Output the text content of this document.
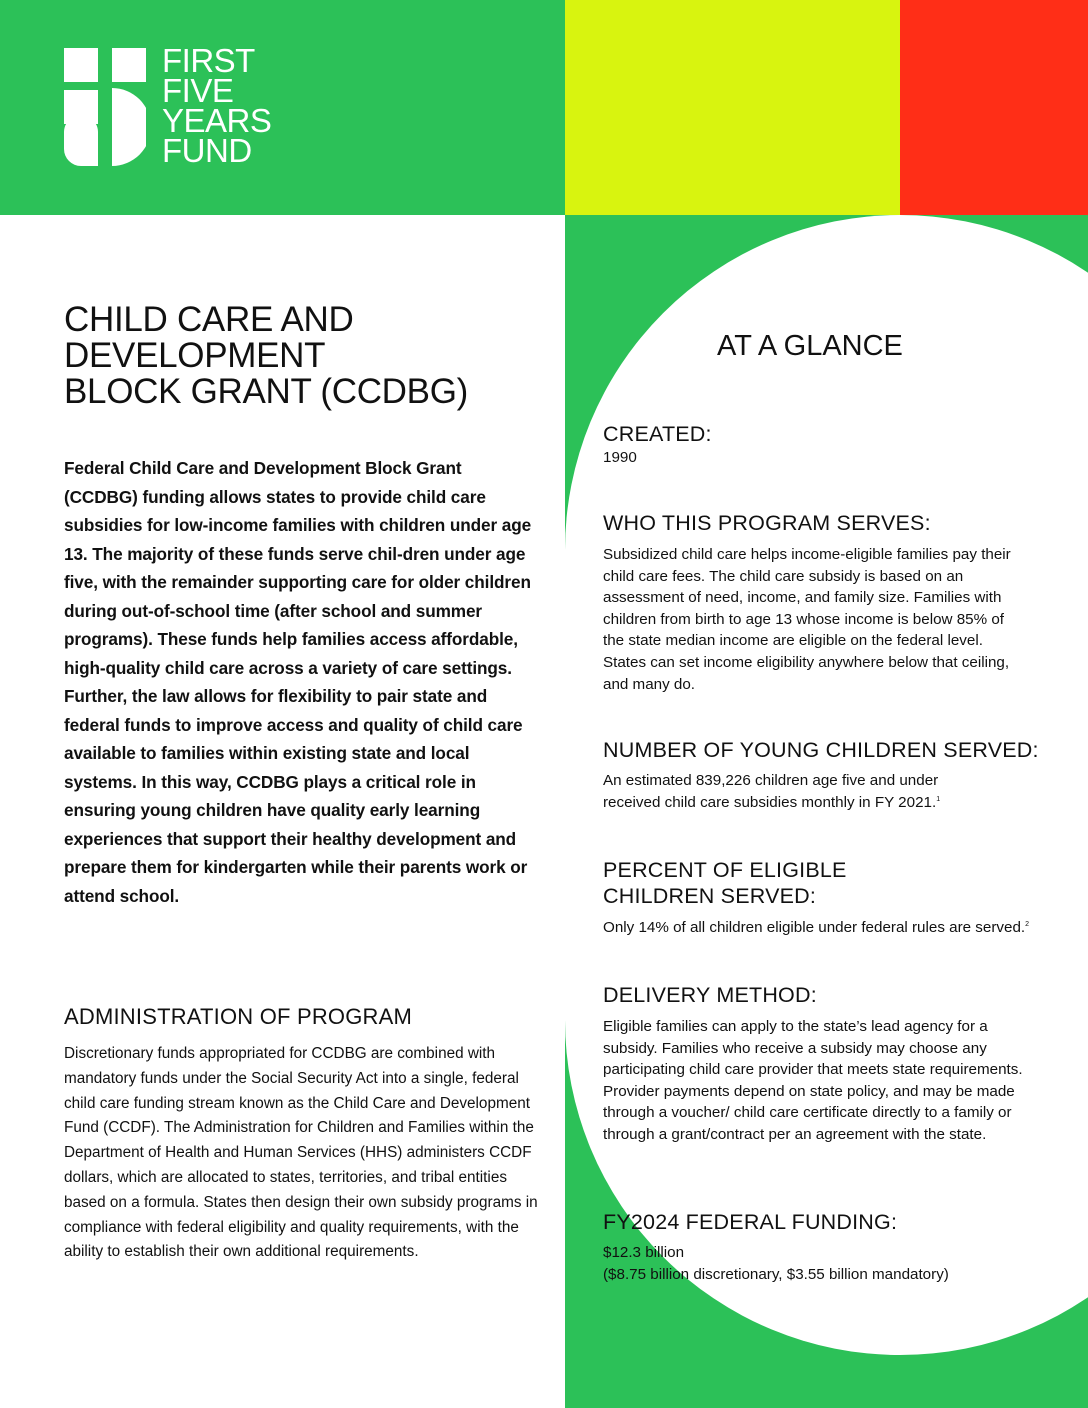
FIRST
FIVE
YEARS
FUND
CHILD CARE AND
DEVELOPMENT
BLOCK GRANT (CCDBG)

Federal Child Care and Development Block Grant (CCDBG) funding allows states to provide child care subsidies for low-income families with children under age 13. The majority of these funds serve chil-dren under age five, with the remainder supporting care for older children during out-of-school time (after school and summer programs). These funds help families access affordable, high-quality child care across a variety of care settings. Further, the law allows for flexibility to pair state and federal funds to improve access and quality of child care available to families within existing state and local systems. In this way, CCDBG plays a critical role in ensuring young children have quality early learning experiences that support their healthy development and prepare them for kindergarten while their parents work or attend school.

ADMINISTRATION OF PROGRAM

Discretionary funds appropriated for CCDBG are combined with mandatory funds under the Social Security Act into a single, federal child care funding stream known as the Child Care and Development Fund (CCDF). The Administration for Children and Families within the Department of Health and Human Services (HHS) administers CCDF dollars, which are allocated to states, territories, and tribal entities based on a formula. States then design their own subsidy programs in compliance with federal eligibility and quality requirements, with the ability to establish their own additional requirements.

AT A GLANCE
CREATED:

1990

WHO THIS PROGRAM SERVES:

Subsidized child care helps income-eligible families pay their child care fees. The child care subsidy is based on an assessment of need, income, and family size. Families with children from birth to age 13 whose income is below 85% of the state median income are eligible on the federal level. States can set income eligibility anywhere below that ceiling, and many do.

NUMBER OF YOUNG CHILDREN SERVED:

An estimated 839,226 children age five and under received child care subsidies monthly in FY 2021.$^1$

PERCENT OF ELIGIBLE
CHILDREN SERVED:

Only 14% of all children eligible under federal rules are served.$^2$

DELIVERY METHOD:

Eligible families can apply to the state’s lead agency for a subsidy. Families who receive a subsidy may choose any participating child care provider that meets state requirements. Provider payments depend on state policy, and may be made through a voucher/ child care certificate directly to a family or through a grant/contract per an agreement with the state.

FY2024 FEDERAL FUNDING:

$12.3 billion
($8.75 billion discretionary, $3.55 billion mandatory)
